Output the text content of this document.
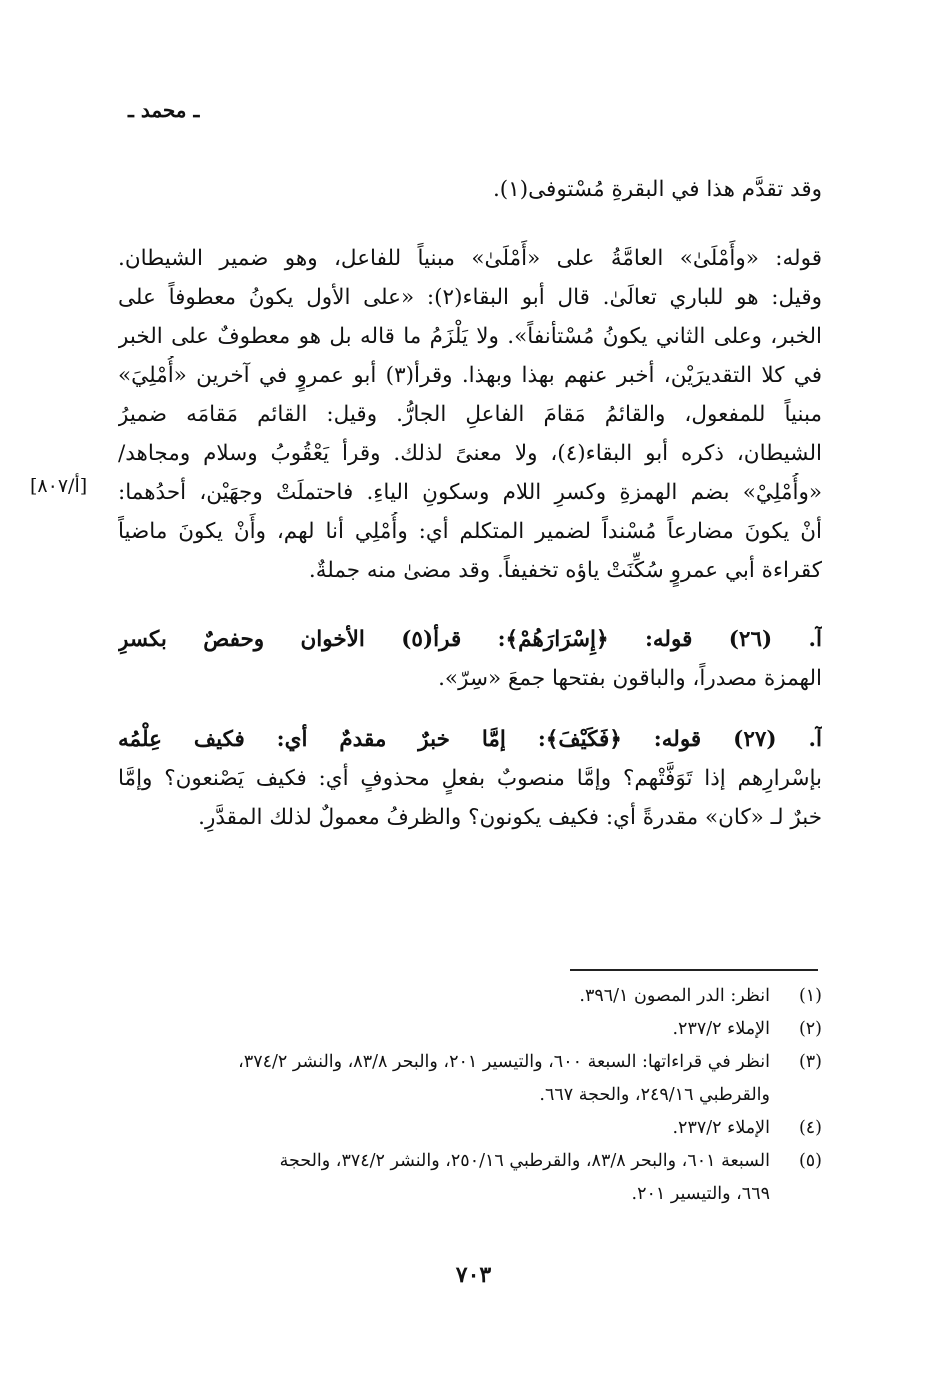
ـ محمد ـ
وقد تقدَّم هذا في البقرةِ مُسْتوفى(١).
قوله: «وأَمْلَىٰ» العامَّةُ على «أَمْلَىٰ» مبنياً للفاعل، وهو ضمير الشيطان.
وقيل: هو للباري تعالَىٰ. قال أبو البقاء(٢): «على الأول يكونُ معطوفاً على
الخبر، وعلى الثاني يكونُ مُسْتأنفاً». ولا يَلْزَمُ ما قاله بل هو معطوفٌ على الخبر
في كلا التقديرَيْن، أخبر عنهم بهذا وبهذا. وقرأ(٣) أبو عمروٍ في آخرين «أُمْلِيَ»
مبنياً للمفعول، والقائمُ مَقامَ الفاعلِ الجارُّ. وقيل: القائم مَقامَه ضميرُ
الشيطان، ذكره أبو البقاء(٤)، ولا معنىً لذلك. وقرأ يَعْقُوبُ وسلام ومجاهد/
«وأُمْلِيْ» بضم الهمزةِ وكسرِ اللام وسكونِ الياءِ. فاحتملَتْ وجهَيْن، أحدُهما:
أنْ يكونَ مضارعاً مُسْنداً لضمير المتكلم أي: وأُمْلِي أنا لهم، وأَنْ يكونَ ماضياً
كقراءة أبي عمروٍ سُكِّنَتْ ياؤه تخفيفاً. وقد مضىٰ منه جملةٌ.
آ. (٢٦) قوله: ﴿إِسْرَارَهُمْ﴾: قرأ(٥) الأخوان وحفصٌ بكسرِ
الهمزة مصدراً، والباقون بفتحها جمعَ «سِرّ».
آ. (٢٧) قوله: ﴿فَكَيْفَ﴾: إمَّا خبرٌ مقدمٌ أي: فكيف عِلْمُه
بإسْرارِهم إذا تَوَفَّتْهم؟ وإمَّا منصوبٌ بفعلٍ محذوفٍ أي: فكيف يَصْنعون؟ وإمَّا
خبرٌ لـ «كان» مقدرةً أي: فكيف يكونون؟ والظرفُ معمولٌ لذلك المقدَّرِ.
[أ/٨٠٧]
(١)
انظر: الدر المصون ٣٩٦/١.
(٢)
الإملاء ٢٣٧/٢.
(٣)
انظر في قراءاتها: السبعة ٦٠٠، والتيسير ٢٠١، والبحر ٨٣/٨، والنشر ٣٧٤/٢،
والقرطبي ٢٤٩/١٦، والحجة ٦٦٧.
(٤)
الإملاء ٢٣٧/٢.
(٥)
السبعة ٦٠١، والبحر ٨٣/٨، والقرطبي ٢٥٠/١٦، والنشر ٣٧٤/٢، والحجة
٦٦٩، والتيسير ٢٠١.
٧٠٣
